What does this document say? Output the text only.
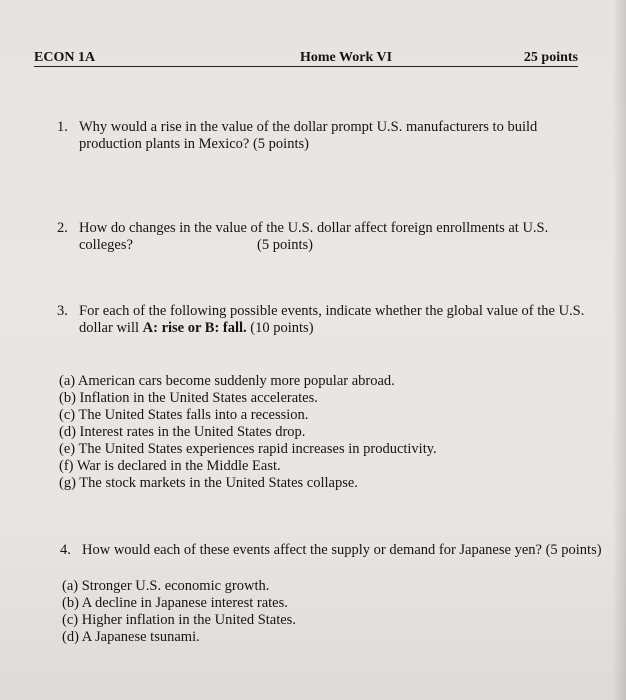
ECON 1A	Home Work VI	25 points
1. Why would a rise in the value of the dollar prompt U.S. manufacturers to build
production plants in Mexico? (5 points)
2. How do changes in the value of the U.S. dollar affect foreign enrollments at U.S.
colleges?	(5 points)
3. For each of the following possible events, indicate whether the global value of the U.S.
dollar will A: rise or B: fall. (10 points)
(a) American cars become suddenly more popular abroad.
(b) Inflation in the United States accelerates.
(c) The United States falls into a recession.
(d) Interest rates in the United States drop.
(e) The United States experiences rapid increases in productivity.
(f) War is declared in the Middle East.
(g) The stock markets in the United States collapse.
4. How would each of these events affect the supply or demand for Japanese yen? (5 points)
(a) Stronger U.S. economic growth.
(b) A decline in Japanese interest rates.
(c) Higher inflation in the United States.
(d) A Japanese tsunami.
